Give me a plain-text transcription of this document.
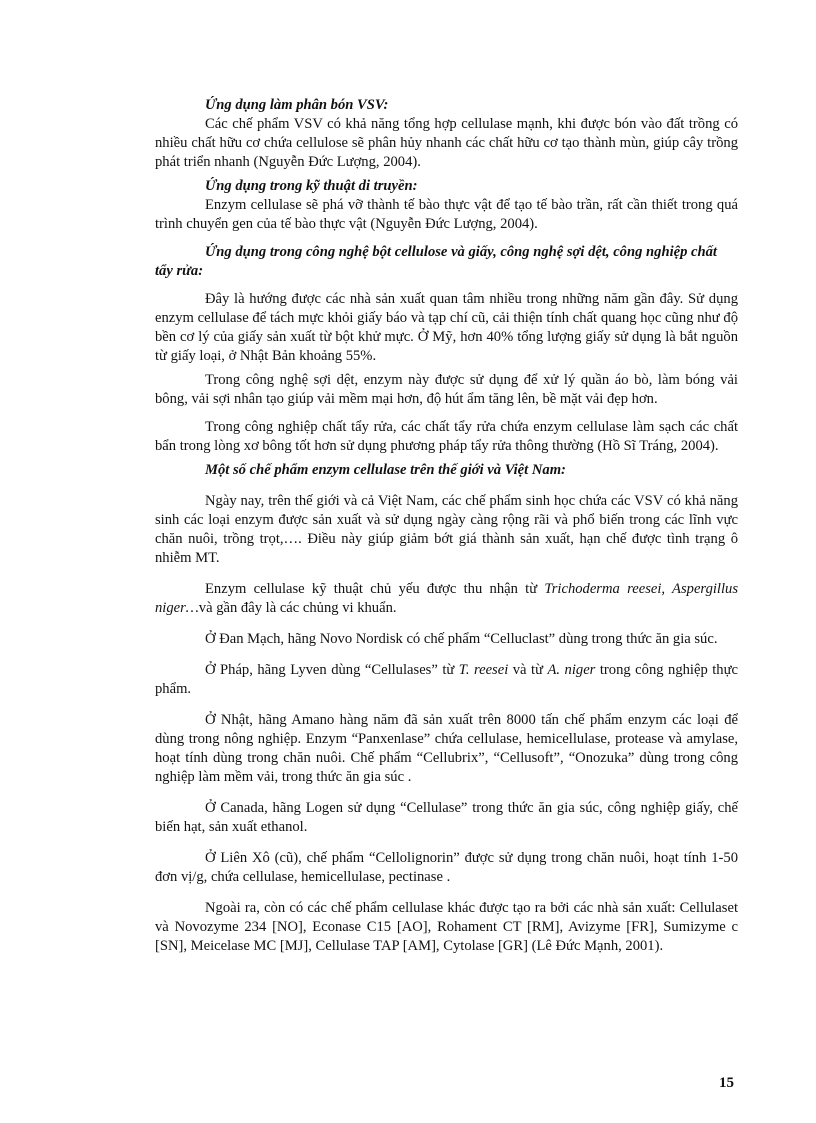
Ứng dụng làm phân bón VSV:

Các chế phẩm VSV có khả năng tổng hợp cellulase mạnh, khi được bón vào đất trồng có nhiều chất hữu cơ chứa cellulose sẽ phân hủy nhanh các chất hữu cơ tạo thành mùn, giúp cây trồng phát triển nhanh (Nguyễn Đức Lượng, 2004).

Ứng dụng trong kỹ thuật di truyền:

Enzym cellulase sẽ phá vỡ thành tế bào thực vật để tạo tế bào trần, rất cần thiết trong quá trình chuyển gen của tế bào thực vật (Nguyễn Đức Lượng, 2004).

Ứng dụng trong công nghệ bột cellulose và giấy, công nghệ sợi dệt, công nghiệp chất tẩy rửa:

Đây là hướng được các nhà sản xuất quan tâm nhiều trong những năm gần đây. Sử dụng enzym cellulase để tách mực khỏi giấy báo và tạp chí cũ, cải thiện tính chất quang học cũng như độ bền cơ lý của giấy sản xuất từ bột khử mực. Ở Mỹ, hơn 40% tổng lượng giấy sử dụng là bắt nguồn từ giấy loại, ở Nhật Bản khoảng 55%.

Trong công nghệ sợi dệt, enzym này được sử dụng để xử lý quần áo bò, làm bóng vải bông, vải sợi nhân tạo giúp vải mềm mại hơn, độ hút ẩm tăng lên, bề mặt vải đẹp hơn.

Trong công nghiệp chất tẩy rửa, các chất tẩy rửa chứa enzym cellulase làm sạch các chất bẩn trong lòng xơ bông tốt hơn sử dụng phương pháp tẩy rửa thông thường (Hồ Sĩ Tráng, 2004).

Một số chế phẩm enzym cellulase trên thế giới và Việt Nam:

Ngày nay, trên thế giới và cả Việt Nam, các chế phẩm sinh học chứa các VSV có khả năng sinh các loại enzym được sản xuất và sử dụng ngày càng rộng rãi và phổ biến trong các lĩnh vực chăn nuôi, trồng trọt,…. Điều này giúp giảm bớt giá thành sản xuất, hạn chế được tình trạng ô nhiễm MT.

Enzym cellulase kỹ thuật chủ yếu được thu nhận từ Trichoderma reesei, Aspergillus niger…và gần đây là các chủng vi khuẩn.

Ở Đan Mạch, hãng Novo Nordisk có chế phẩm “Celluclast” dùng trong thức ăn gia súc.

Ở Pháp, hãng Lyven dùng “Cellulases” từ T. reesei và từ A. niger trong công nghiệp thực phẩm.

Ở Nhật, hãng Amano hàng năm đã sản xuất trên 8000 tấn chế phẩm enzym các loại để dùng trong nông nghiệp. Enzym “Panxenlase” chứa cellulase, hemicellulase, protease và amylase, hoạt tính dùng trong chăn nuôi. Chế phẩm “Cellubrix”, “Cellusoft”, “Onozuka” dùng trong công nghiệp làm mềm vải, trong thức ăn gia súc .

Ở Canada, hãng Logen sử dụng “Cellulase” trong thức ăn gia súc, công nghiệp giấy, chế biến hạt, sản xuất ethanol.

Ở Liên Xô (cũ), chế phẩm “Cellolignorin” được sử dụng trong chăn nuôi, hoạt tính 1-50 đơn vị/g, chứa cellulase, hemicellulase, pectinase .

Ngoài ra, còn có các chế phẩm cellulase khác được tạo ra bởi các nhà sản xuất: Cellulaset và Novozyme 234 [NO], Econase C15 [AO], Rohament CT [RM], Avizyme [FR], Sumizyme c [SN], Meicelase MC [MJ], Cellulase TAP [AM], Cytolase [GR] (Lê Đức Mạnh, 2001).

15
